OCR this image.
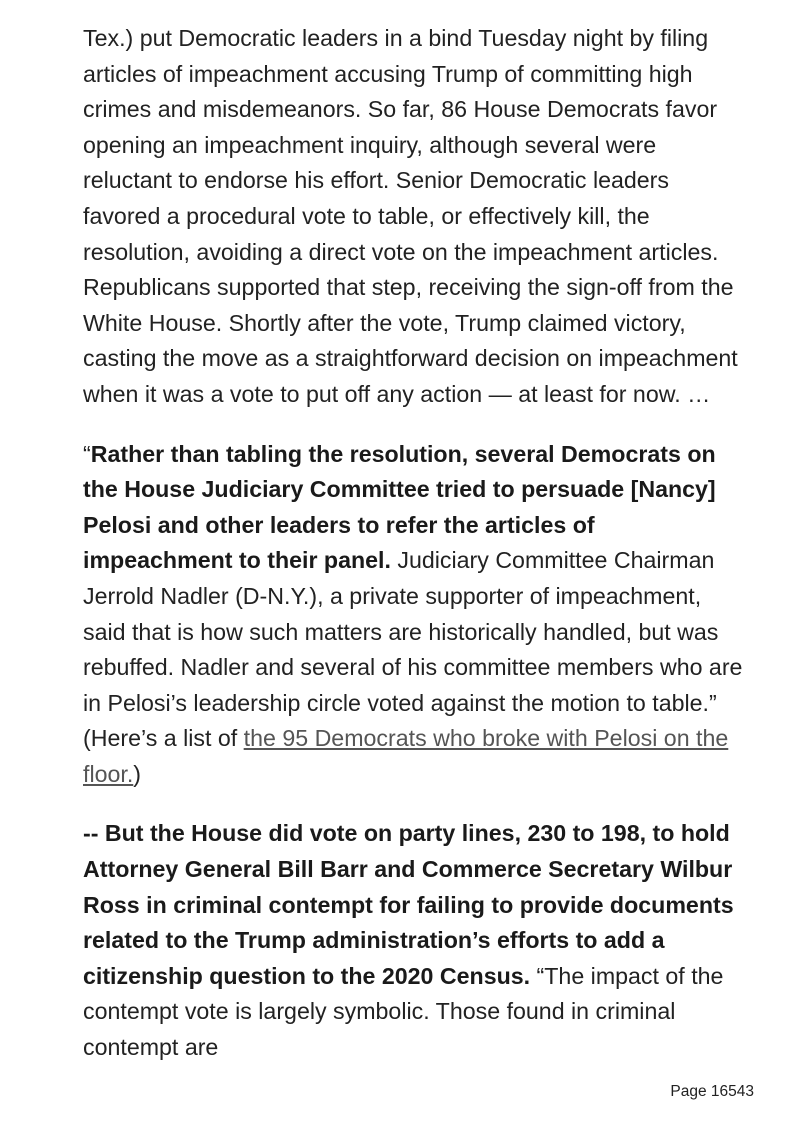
Tex.) put Democratic leaders in a bind Tuesday night by filing articles of impeachment accusing Trump of committing high crimes and misdemeanors. So far, 86 House Democrats favor opening an impeachment inquiry, although several were reluctant to endorse his effort. Senior Democratic leaders favored a procedural vote to table, or effectively kill, the resolution, avoiding a direct vote on the impeachment articles. Republicans supported that step, receiving the sign-off from the White House. Shortly after the vote, Trump claimed victory, casting the move as a straightforward decision on impeachment when it was a vote to put off any action — at least for now. …

“Rather than tabling the resolution, several Democrats on the House Judiciary Committee tried to persuade [Nancy] Pelosi and other leaders to refer the articles of impeachment to their panel. Judiciary Committee Chairman Jerrold Nadler (D-N.Y.), a private supporter of impeachment, said that is how such matters are historically handled, but was rebuffed. Nadler and several of his committee members who are in Pelosi’s leadership circle voted against the motion to table.” (Here’s a list of the 95 Democrats who broke with Pelosi on the floor.)

-- But the House did vote on party lines, 230 to 198, to hold Attorney General Bill Barr and Commerce Secretary Wilbur Ross in criminal contempt for failing to provide documents related to the Trump administration’s efforts to add a citizenship question to the 2020 Census. “The impact of the contempt vote is largely symbolic. Those found in criminal contempt are

Page 16543
